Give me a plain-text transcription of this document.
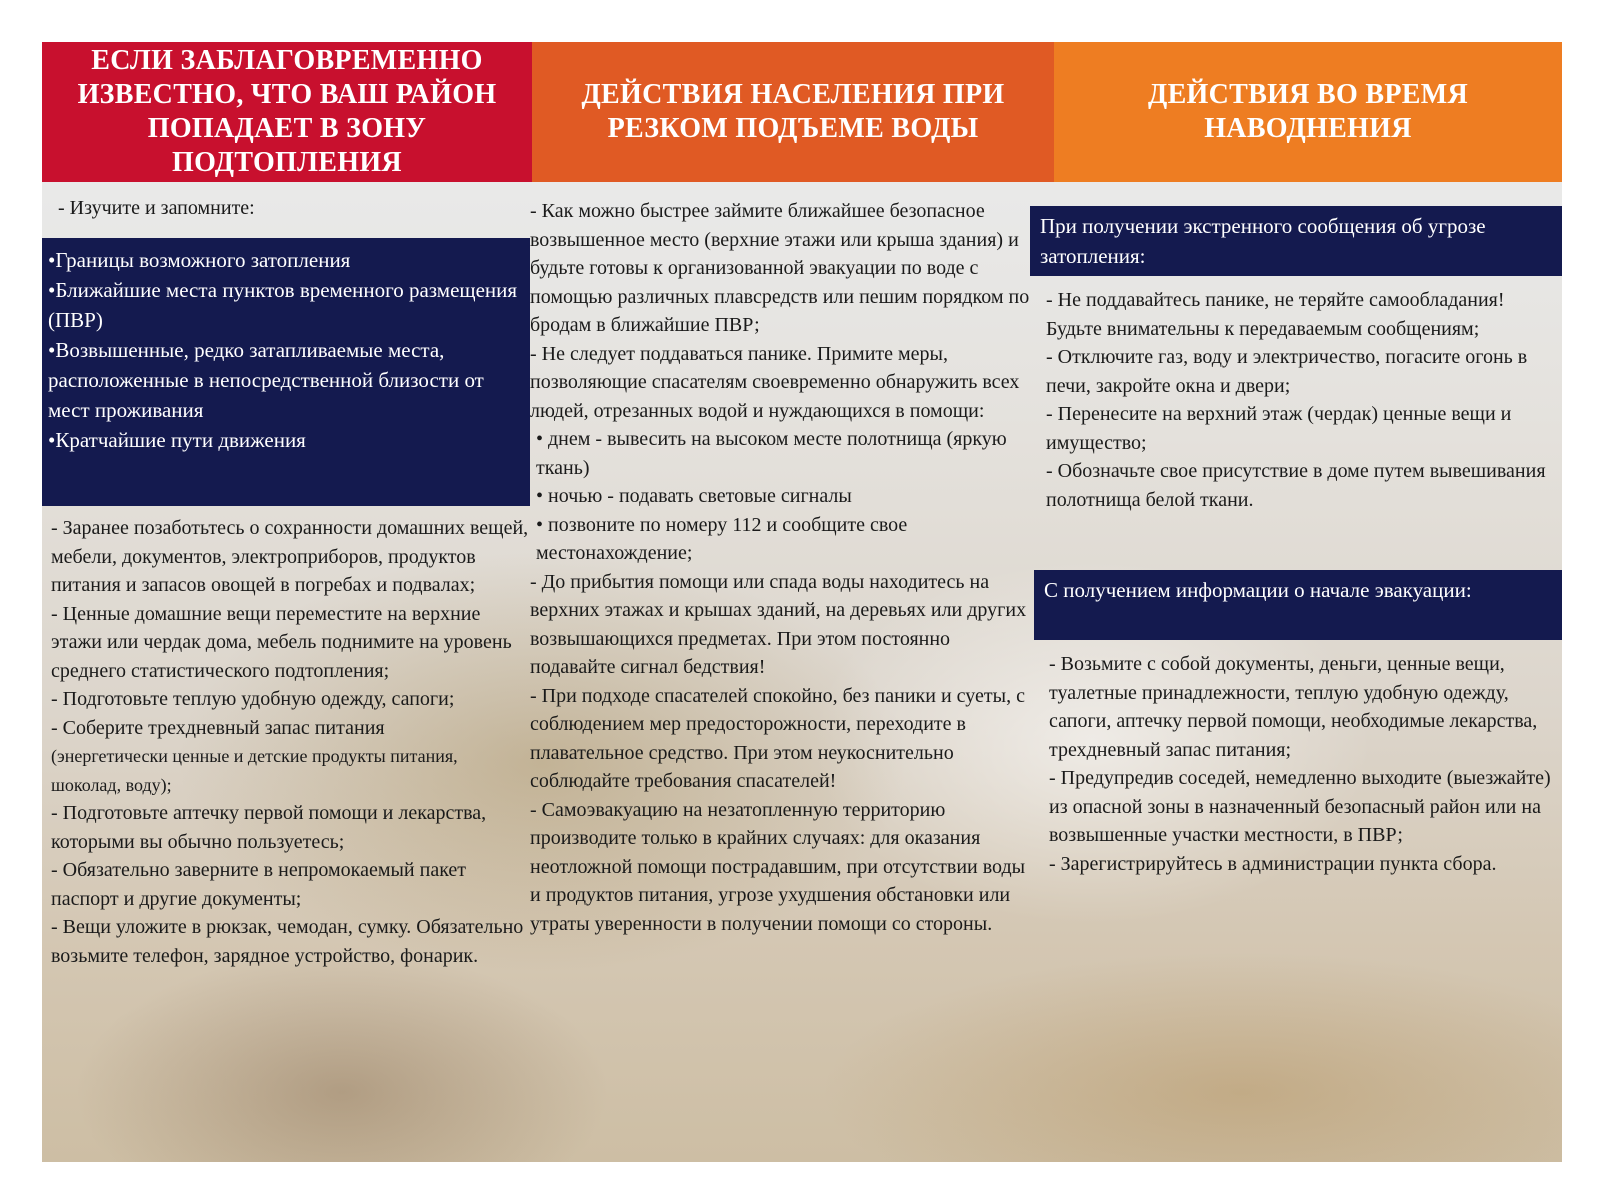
ЕСЛИ ЗАБЛАГОВРЕМЕННО ИЗВЕСТНО, ЧТО ВАШ РАЙОН ПОПАДАЕТ В ЗОНУ ПОДТОПЛЕНИЯ
ДЕЙСТВИЯ НАСЕЛЕНИЯ ПРИ РЕЗКОМ ПОДЪЕМЕ ВОДЫ
ДЕЙСТВИЯ ВО ВРЕМЯ НАВОДНЕНИЯ
- Изучите и запомните:

•Границы возможного затопления

•Ближайшие места пунктов временного размещения (ПВР)

•Возвышенные, редко затапливаемые места, расположенные в непосредственной близости от мест проживания

•Кратчайшие пути движения

- Заранее позаботьтесь о сохранности домашних вещей, мебели, документов, электроприборов, продуктов питания и запасов овощей в погребах и подвалах;

- Ценные домашние вещи переместите на верхние этажи или чердак дома, мебель поднимите на уровень среднего статистического подтопления;

- Подготовьте теплую удобную одежду, сапоги;

- Соберите трехдневный запас питания

(энергетически ценные и детские продукты питания, шоколад, воду);

- Подготовьте аптечку первой помощи и лекарства, которыми вы обычно пользуетесь;

- Обязательно заверните в непромокаемый пакет паспорт и другие документы;

- Вещи уложите в рюкзак, чемодан, сумку. Обязательно возьмите телефон, зарядное устройство, фонарик.

- Как можно быстрее займите ближайшее безопасное возвышенное место (верхние этажи или крыша здания) и будьте готовы к организованной эвакуации по воде с помощью различных плавсредств или пешим порядком по бродам в ближайшие ПВР;

- Не следует поддаваться панике. Примите меры, позволяющие спасателям своевременно обнаружить всех людей, отрезанных водой и нуждающихся в помощи:

• днем - вывесить на высоком месте полотнища (яркую ткань)

• ночью - подавать световые сигналы

• позвоните по номеру 112 и сообщите свое местонахождение;

- До прибытия помощи или спада воды находитесь на верхних этажах и крышах зданий, на деревьях или других возвышающихся предметах. При этом постоянно подавайте сигнал бедствия!

- При подходе спасателей спокойно, без паники и суеты, с соблюдением мер предосторожности, переходите в плавательное средство. При этом неукоснительно соблюдайте требования спасателей!

- Самоэвакуацию на незатопленную территорию производите только в крайних случаях: для оказания неотложной помощи пострадавшим, при отсутствии воды и продуктов питания, угрозе ухудшения обстановки или утраты уверенности в получении помощи со стороны.

При получении экстренного сообщения об угрозе затопления:

- Не поддавайтесь панике, не теряйте самообладания! Будьте внимательны к передаваемым сообщениям;

- Отключите газ, воду и электричество, погасите огонь в печи, закройте окна и двери;

- Перенесите на верхний этаж (чердак) ценные вещи и имущество;

- Обозначьте свое присутствие в доме путем вывешивания полотнища белой ткани.

С получением информации о начале эвакуации:

- Возьмите с собой документы, деньги, ценные вещи, туалетные принадлежности, теплую удобную одежду, сапоги, аптечку первой помощи, необходимые лекарства, трехдневный запас питания;

- Предупредив соседей, немедленно выходите (выезжайте) из опасной зоны в назначенный безопасный район или на возвышенные участки местности, в ПВР;

- Зарегистрируйтесь в администрации пункта сбора.
